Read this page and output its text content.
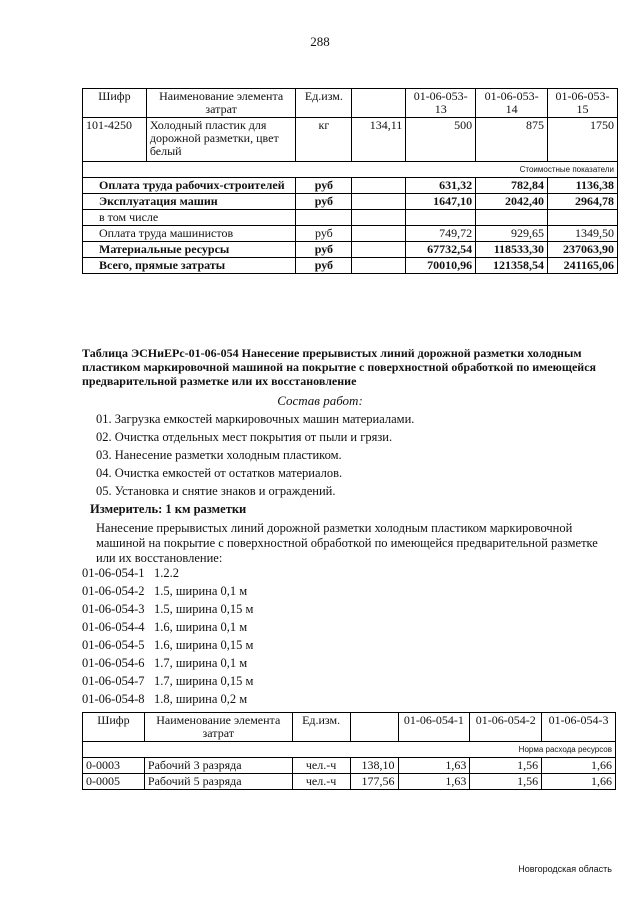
288
Шифр	Наименование элемента затрат	Ед.изм.		01-06-053-13	01-06-053-14	01-06-053-15
101-4250	Холодный пластик для дорожной разметки, цвет белый	кг	134,11	500	875	1750
Стоимостные показатели						
Оплата труда рабочих-строителей		руб		631,32	782,84	1136,38
Эксплуатация машин		руб		1647,10	2042,40	2964,78
в том числе						
Оплата труда машинистов		руб		749,72	929,65	1349,50
Материальные ресурсы		руб		67732,54	118533,30	237063,90
Всего, прямые затраты		руб		70010,96	121358,54	241165,06
Таблица ЭСНиЕРс-01-06-054 Нанесение прерывистых линий дорожной разметки холодным пластиком маркировочной машиной на покрытие с поверхностной обработкой по имеющейся предварительной разметке или их восстановление
Состав работ:
01. Загрузка емкостей маркировочных машин материалами.
02. Очистка отдельных мест покрытия от пыли и грязи.
03. Нанесение разметки холодным пластиком.
04. Очистка емкостей от остатков материалов.
05. Установка и снятие знаков и ограждений.
Измеритель: 1 км разметки
Нанесение прерывистых линий дорожной разметки холодным пластиком маркировочной машиной на покрытие с поверхностной обработкой по имеющейся предварительной разметке или их восстановление:
01-06-054-1 1.2.2
01-06-054-2 1.5, ширина 0,1 м
01-06-054-3 1.5, ширина 0,15 м
01-06-054-4 1.6, ширина 0,1 м
01-06-054-5 1.6, ширина 0,15 м
01-06-054-6 1.7, ширина 0,1 м
01-06-054-7 1.7, ширина 0,15 м
01-06-054-8 1.8, ширина 0,2 м
Шифр	Наименование элемента затрат	Ед.изм.		01-06-054-1	01-06-054-2	01-06-054-3
Норма расхода ресурсов						
0-0003	Рабочий 3 разряда	чел.-ч	138,10	1,63	1,56	1,66
0-0005	Рабочий 5 разряда	чел.-ч	177,56	1,63	1,56	1,66
Новгородская область
